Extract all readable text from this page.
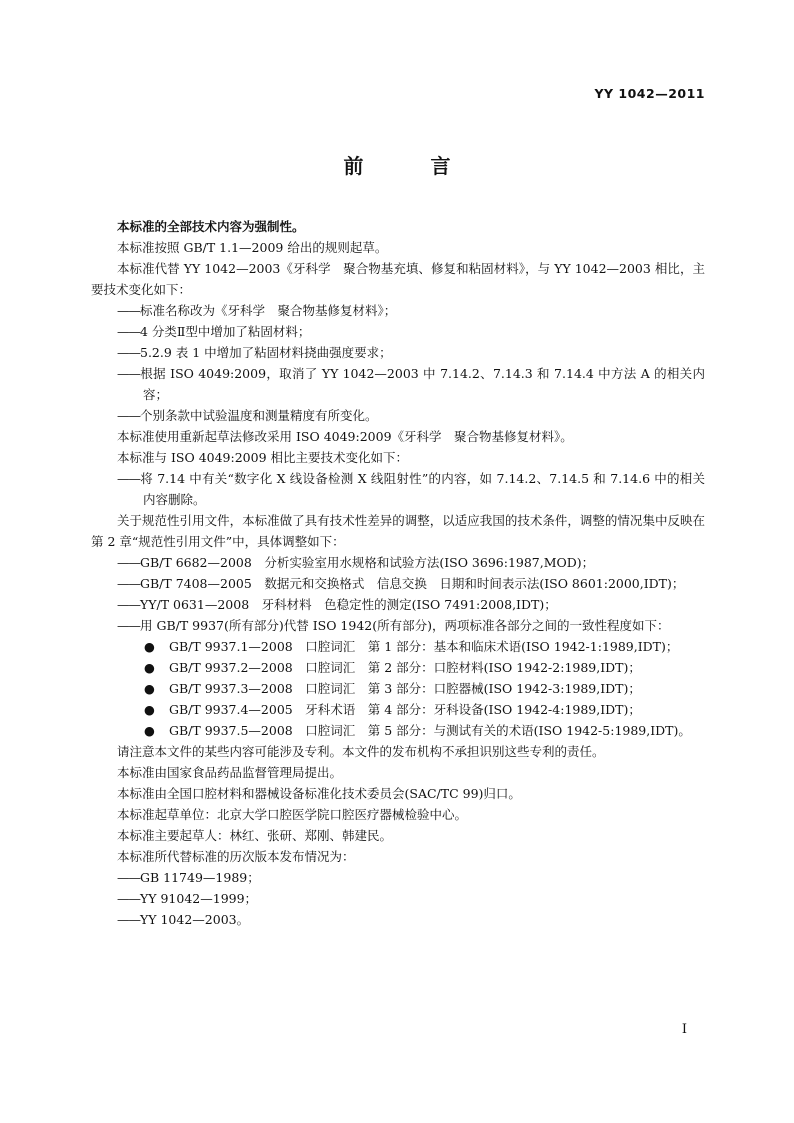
YY 1042—2011
前 言
本标准的全部技术内容为强制性。
本标准按照 GB/T 1.1—2009 给出的规则起草。
本标准代替 YY 1042—2003《牙科学　聚合物基充填、修复和粘固材料》，与 YY 1042—2003 相比，主要技术变化如下：
—— 标准名称改为《牙科学　聚合物基修复材料》；
—— 4 分类Ⅱ型中增加了粘固材料；
—— 5.2.9 表 1 中增加了粘固材料挠曲强度要求；
—— 根据 ISO 4049:2009，取消了 YY 1042—2003 中 7.14.2、7.14.3 和 7.14.4 中方法 A 的相关内容；
—— 个别条款中试验温度和测量精度有所变化。
本标准使用重新起草法修改采用 ISO 4049:2009《牙科学　聚合物基修复材料》。
本标准与 ISO 4049:2009 相比主要技术变化如下：
—— 将 7.14 中有关“数字化 X 线设备检测 X 线阻射性”的内容，如 7.14.2、7.14.5 和 7.14.6 中的相关内容删除。
关于规范性引用文件，本标准做了具有技术性差异的调整，以适应我国的技术条件，调整的情况集中反映在第 2 章“规范性引用文件”中，具体调整如下：
—— GB/T 6682—2008　分析实验室用水规格和试验方法(ISO 3696:1987,MOD)；
—— GB/T 7408—2005　数据元和交换格式　信息交换　日期和时间表示法(ISO 8601:2000,IDT)；
—— YY/T 0631—2008　牙科材料　色稳定性的测定(ISO 7491:2008,IDT)；
—— 用 GB/T 9937(所有部分)代替 ISO 1942(所有部分)，两项标准各部分之间的一致性程度如下：
● GB/T 9937.1—2008　口腔词汇　第 1 部分：基本和临床术语(ISO 1942-1:1989,IDT)；
● GB/T 9937.2—2008　口腔词汇　第 2 部分：口腔材料(ISO 1942-2:1989,IDT)；
● GB/T 9937.3—2008　口腔词汇　第 3 部分：口腔器械(ISO 1942-3:1989,IDT)；
● GB/T 9937.4—2005　牙科术语　第 4 部分：牙科设备(ISO 1942-4:1989,IDT)；
● GB/T 9937.5—2008　口腔词汇　第 5 部分：与测试有关的术语(ISO 1942-5:1989,IDT)。
请注意本文件的某些内容可能涉及专利。本文件的发布机构不承担识别这些专利的责任。
本标准由国家食品药品监督管理局提出。
本标准由全国口腔材料和器械设备标准化技术委员会(SAC/TC 99)归口。
本标准起草单位：北京大学口腔医学院口腔医疗器械检验中心。
本标准主要起草人：林红、张研、郑刚、韩建民。
本标准所代替标准的历次版本发布情况为：
—— GB 11749—1989；
—— YY 91042—1999；
—— YY 1042—2003。
I
